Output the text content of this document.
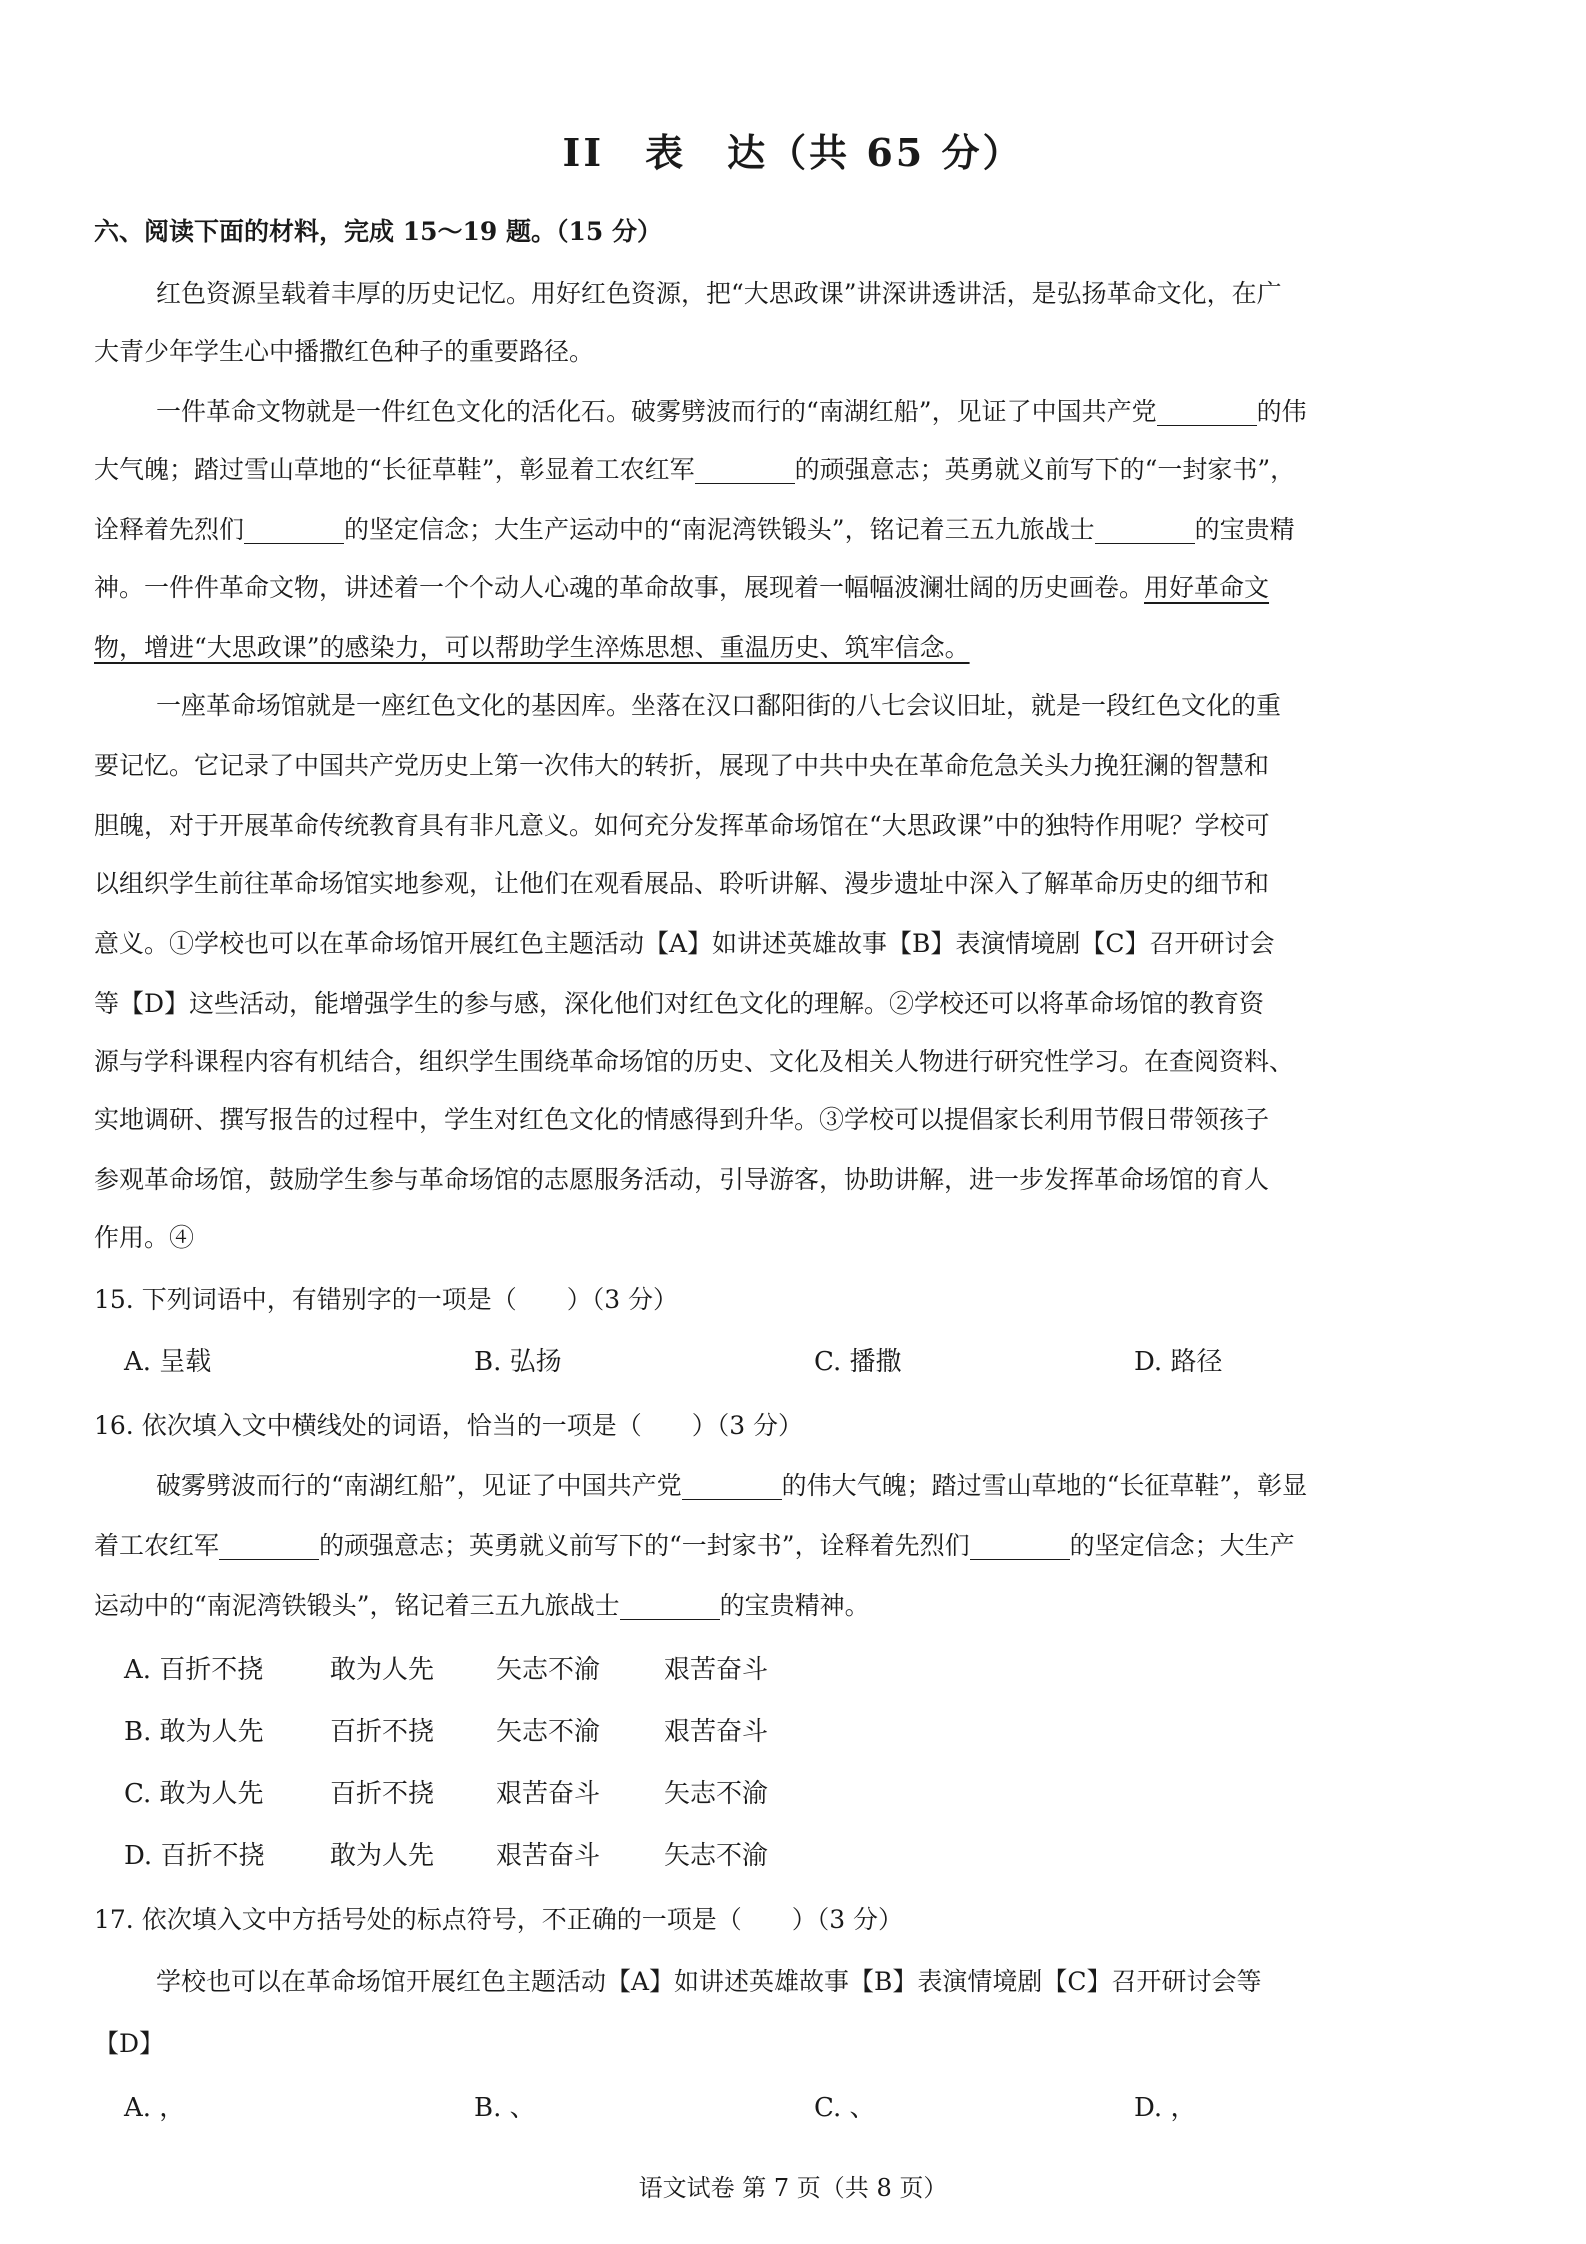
II　表　达（共 65 分）
六、阅读下面的材料，完成 15～19 题。（15 分）
红色资源呈载着丰厚的历史记忆。用好红色资源，把“大思政课”讲深讲透讲活，是弘扬革命文化，在广
大青少年学生心中播撒红色种子的重要路径。
一件革命文物就是一件红色文化的活化石。破雾劈波而行的“南湖红船”，见证了中国共产党	的伟
大气魄；踏过雪山草地的“长征草鞋”，彰显着工农红军	的顽强意志；英勇就义前写下的“一封家书”，
诠释着先烈们	的坚定信念；大生产运动中的“南泥湾铁锻头”，铭记着三五九旅战士	的宝贵精
神。一件件革命文物，讲述着一个个动人心魂的革命故事，展现着一幅幅波澜壮阔的历史画卷。用好革命文
物，增进“大思政课”的感染力，可以帮助学生淬炼思想、重温历史、筑牢信念。
一座革命场馆就是一座红色文化的基因库。坐落在汉口鄱阳街的八七会议旧址，就是一段红色文化的重
要记忆。它记录了中国共产党历史上第一次伟大的转折，展现了中共中央在革命危急关头力挽狂澜的智慧和
胆魄，对于开展革命传统教育具有非凡意义。如何充分发挥革命场馆在“大思政课”中的独特作用呢？学校可
以组织学生前往革命场馆实地参观，让他们在观看展品、聆听讲解、漫步遗址中深入了解革命历史的细节和
意义。①学校也可以在革命场馆开展红色主题活动【A】如讲述英雄故事【B】表演情境剧【C】召开研讨会
等【D】这些活动，能增强学生的参与感，深化他们对红色文化的理解。②学校还可以将革命场馆的教育资
源与学科课程内容有机结合，组织学生围绕革命场馆的历史、文化及相关人物进行研究性学习。在查阅资料、
实地调研、撰写报告的过程中，学生对红色文化的情感得到升华。③学校可以提倡家长利用节假日带领孩子
参观革命场馆，鼓励学生参与革命场馆的志愿服务活动，引导游客，协助讲解，进一步发挥革命场馆的育人
作用。④
15. 下列词语中，有错别字的一项是（　　）（3 分）
A. 呈载	B. 弘扬	C. 播撒	D. 路径
16. 依次填入文中横线处的词语，恰当的一项是（　　）（3 分）
破雾劈波而行的“南湖红船”，见证了中国共产党	的伟大气魄；踏过雪山草地的“长征草鞋”，彰显
着工农红军	的顽强意志；英勇就义前写下的“一封家书”，诠释着先烈们	的坚定信念；大生产
运动中的“南泥湾铁锻头”，铭记着三五九旅战士	的宝贵精神。
A. 百折不挠	敢为人先 矢志不渝 艰苦奋斗
B. 敢为人先	百折不挠 矢志不渝 艰苦奋斗
C. 敢为人先	百折不挠 艰苦奋斗 矢志不渝
D. 百折不挠	敢为人先 艰苦奋斗 矢志不渝
17. 依次填入文中方括号处的标点符号，不正确的一项是（　　）（3 分）
学校也可以在革命场馆开展红色主题活动【A】如讲述英雄故事【B】表演情境剧【C】召开研讨会等
【D】
A. ，	B. 、	C. 、	D. ，
语文试卷 第 7 页（共 8 页）
